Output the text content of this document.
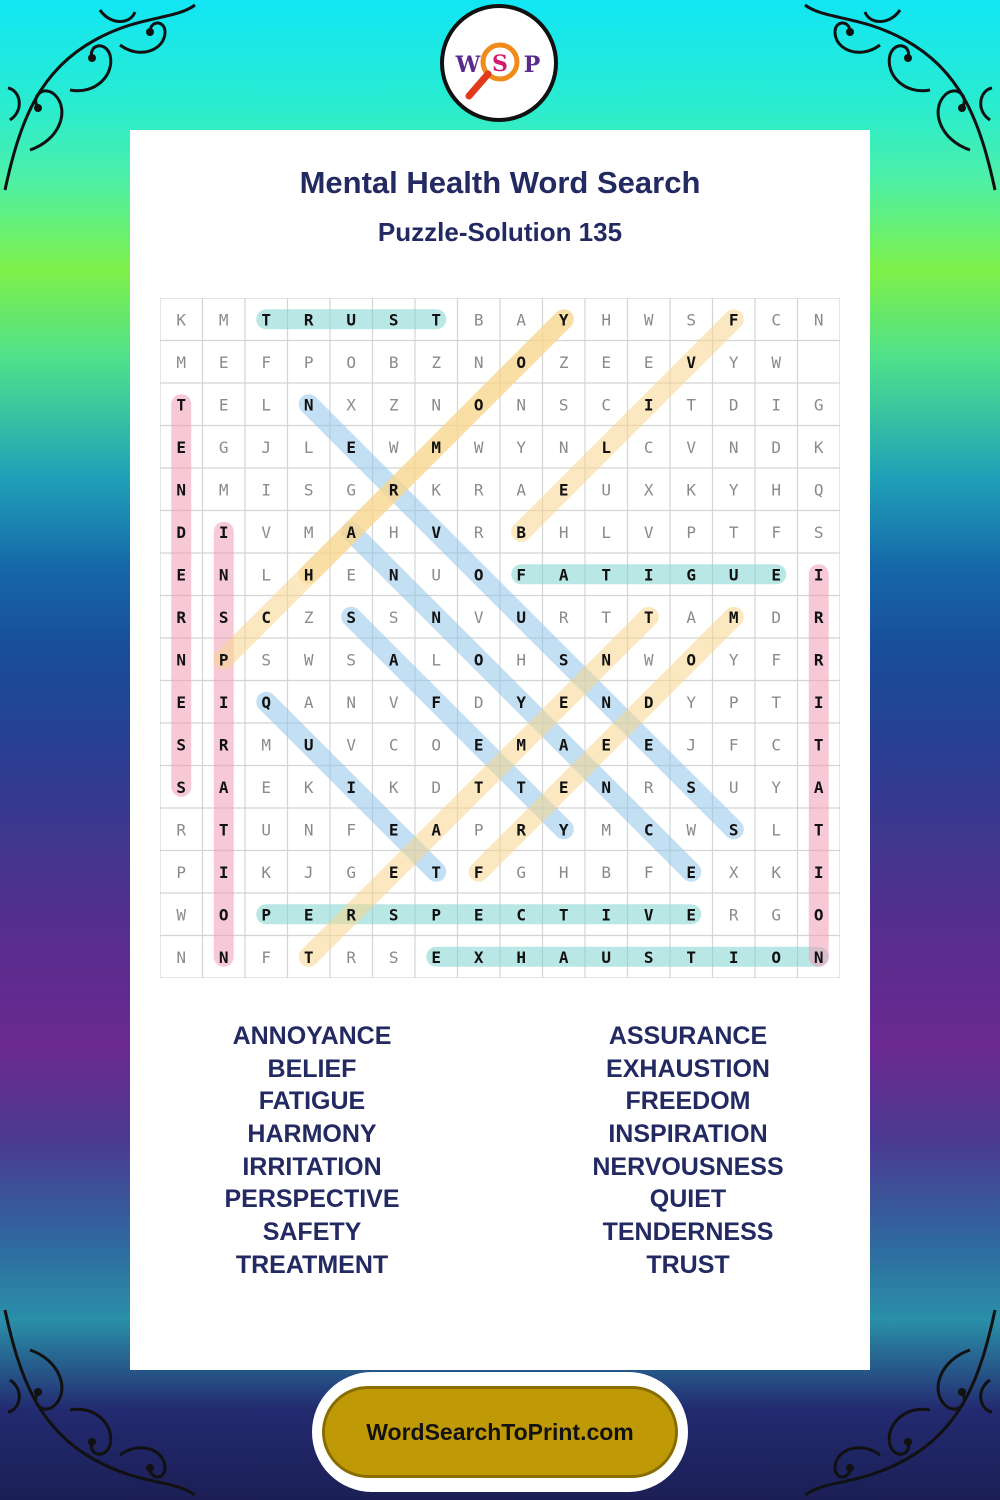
W S P
Mental Health Word Search
Puzzle-Solution 135
K M T R U S T B A Y H W S F C N
M E F P O B Z N O Z E E V Y W
T E L N X Z N O N S C I T D I G
E G J L E W M W Y N L C V N D K
N M I S G R K R A E U X K Y H Q
D I V M A H V R B H L V P T F S
E N L H E N U O F A T I G U E I
R S C Z S S N V U R T T A M D R
N P S W S A L O H S N W O Y F R
E I Q A N V F D Y E N D Y P T I
S R M U V C O E M A E E J F C T
S A E K I K D T T E N R S U Y A
R T U N F E A P R Y M C W S L T
P I K J G E T F G H B F E X K I
W O P E R S P E C T I V E R G O
N N F T R S E X H A U S T I O N
ANNOYANCE
BELIEF
FATIGUE
HARMONY
IRRITATION
PERSPECTIVE
SAFETY
TREATMENT
ASSURANCE
EXHAUSTION
FREEDOM
INSPIRATION
NERVOUSNESS
QUIET
TENDERNESS
TRUST
WordSearchToPrint.com
